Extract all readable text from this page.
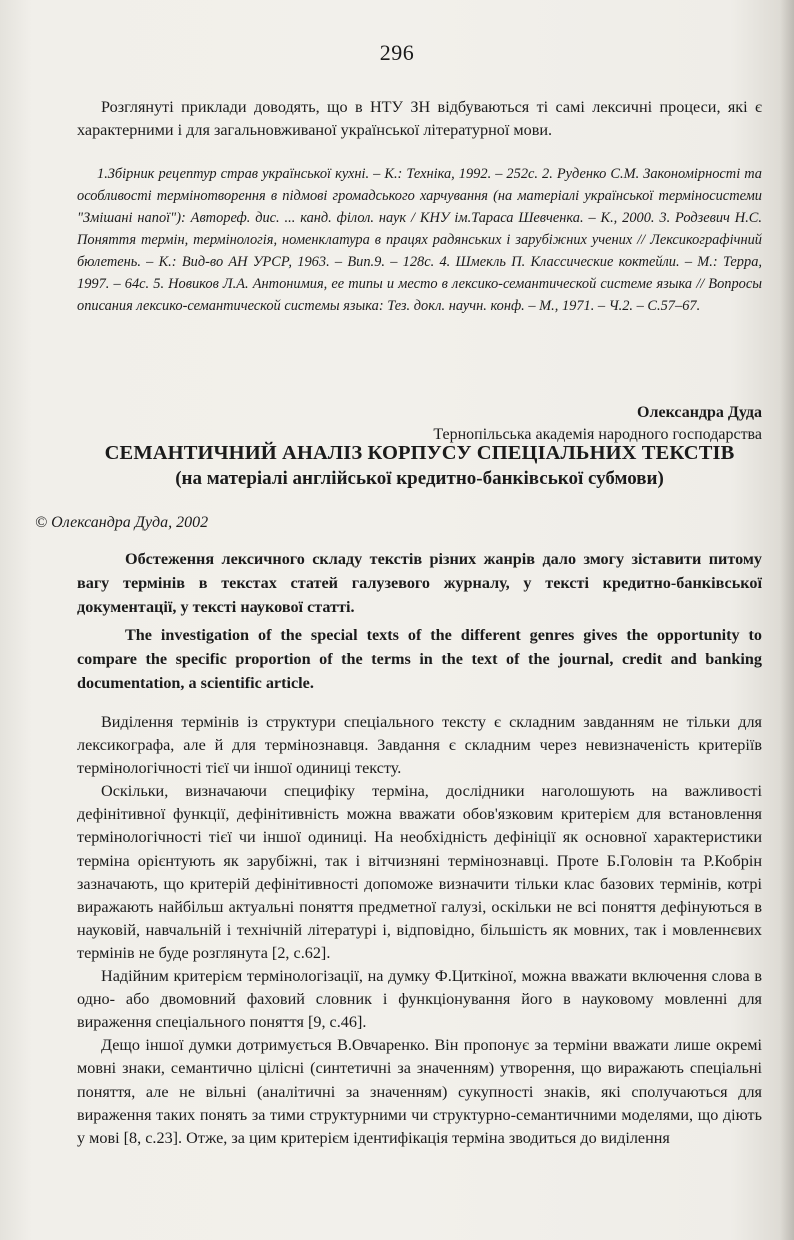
296

Розглянуті приклади доводять, що в НТУ ЗН відбуваються ті самі лексичні процеси, які є характерними і для загальновживаної української літературної мови.

1.Збірник рецептур страв української кухні. – К.: Техніка, 1992. – 252с. 2. Руденко С.М. Закономірності та особливості термінотворення в підмові громадського харчування (на матеріалі української терміносистеми "Змішані напої"): Автореф. дис. ... канд. філол. наук / КНУ ім.Тараса Шевченка. – К., 2000. 3. Родзевич Н.С. Поняття термін, термінологія, номенклатура в працях радянських і зарубіжних учених // Лексикографічний бюлетень. – К.: Вид-во АН УРСР, 1963. – Вип.9. – 128с. 4. Шмекль П. Классические коктейли. – М.: Терра, 1997. – 64с. 5. Новиков Л.А. Антонимия, ее типы и место в лексико-семантической системе языка // Вопросы описания лексико-семантической системы языка: Тез. докл. научн. конф. – М., 1971. – Ч.2. – С.57–67.

Олександра Дуда
Тернопільська академія народного господарства
СЕМАНТИЧНИЙ АНАЛІЗ КОРПУСУ СПЕЦІАЛЬНИХ ТЕКСТІВ
(на матеріалі англійської кредитно-банківської субмови)
© Олександра Дуда, 2002

Обстеження лексичного складу текстів різних жанрів дало змогу зіставити питому вагу термінів в текстах статей галузевого журналу, у тексті кредитно-банківської документації, у тексті наукової статті.

The investigation of the special texts of the different genres gives the opportunity to compare the specific proportion of the terms in the text of the journal, credit and banking documentation, a scientific article.

Виділення термінів із структури спеціального тексту є складним завданням не тільки для лексикографа, але й для термінознавця. Завдання є складним через невизначеність критеріїв термінологічності тієї чи іншої одиниці тексту.

Оскільки, визначаючи специфіку терміна, дослідники наголошують на важливості дефінітивної функції, дефінітивність можна вважати обов'язковим критерієм для встановлення термінологічності тієї чи іншої одиниці. На необхідність дефініції як основної характеристики терміна орієнтують як зарубіжні, так і вітчизняні термінознавці. Проте Б.Головін та Р.Кобрін зазначають, що критерій дефінітивності допоможе визначити тільки клас базових термінів, котрі виражають найбільш актуальні поняття предметної галузі, оскільки не всі поняття дефінуються в науковій, навчальній і технічній літературі і, відповідно, більшість як мовних, так і мовленнєвих термінів не буде розглянута [2, с.62].

Надійним критерієм термінологізації, на думку Ф.Циткіної, можна вважати включення слова в одно- або двомовний фаховий словник і функціонування його в науковому мовленні для вираження спеціального поняття [9, с.46].

Дещо іншої думки дотримується В.Овчаренко. Він пропонує за терміни вважати лише окремі мовні знаки, семантично цілісні (синтетичні за значенням) утворення, що виражають спеціальні поняття, але не вільні (аналітичні за значенням) сукупності знаків, які сполучаються для вираження таких понять за тими структурними чи структурно-семантичними моделями, що діють у мові [8, с.23]. Отже, за цим критерієм ідентифікація терміна зводиться до виділення
